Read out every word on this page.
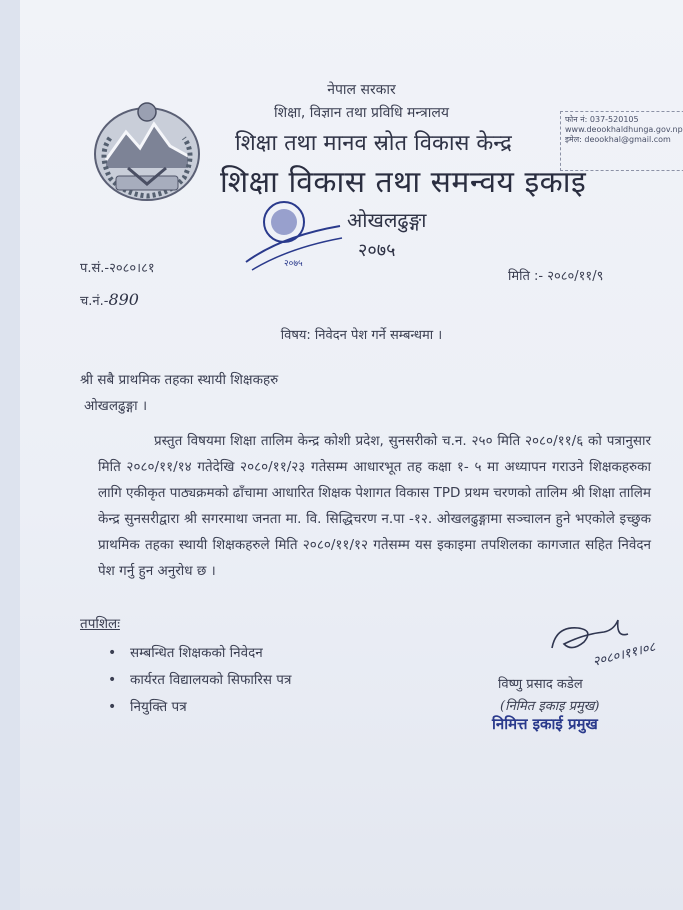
नेपाल सरकार
शिक्षा, विज्ञान तथा प्रविधि मन्त्रालय
शिक्षा तथा मानव स्रोत विकास केन्द्र
शिक्षा विकास तथा समन्वय इकाइ
ओखलढुङ्गा
२०७५
फोन नं: 037-520105
www.deookhaldhunga.gov.np
इमेल: deookhal@gmail.com
२०७५
प.सं.-२०८०।८१
च.नं.-890
मिति :- २०८०/११/९
विषय: निवेदन पेश गर्ने सम्बन्धमा ।
श्री सबै प्राथमिक तहका स्थायी शिक्षकहरु
ओखलढुङ्गा ।
प्रस्तुत विषयमा शिक्षा तालिम केन्द्र कोशी प्रदेश, सुनसरीको च.न. २५० मिति २०८०/११/६ को पत्रानुसार मिति २०८०/११/१४ गतेदेखि २०८०/११/२३ गतेसम्म आधारभूत तह कक्षा १- ५ मा अध्यापन गराउने शिक्षकहरुका लागि एकीकृत पाठ्यक्रमको ढाँचामा आधारित शिक्षक पेशागत विकास TPD प्रथम चरणको तालिम श्री शिक्षा तालिम केन्द्र सुनसरीद्वारा श्री सगरमाथा जनता मा. वि. सिद्धिचरण न.पा -१२. ओखलढुङ्गामा सञ्चालन हुने भएकोले इच्छुक प्राथमिक तहका स्थायी शिक्षकहरुले मिति २०८०/११/१२ गतेसम्म यस इकाइमा तपशिलका कागजात सहित निवेदन पेश गर्नु हुन अनुरोध छ ।
तपशिलः
• सम्बन्धित शिक्षकको निवेदन
• कार्यरत विद्यालयको सिफारिस पत्र
• नियुक्ति पत्र
२०८०।११।०८
विष्णु प्रसाद कडेल
(निमित इकाइ प्रमुख)
निमित्त इकाई प्रमुख
